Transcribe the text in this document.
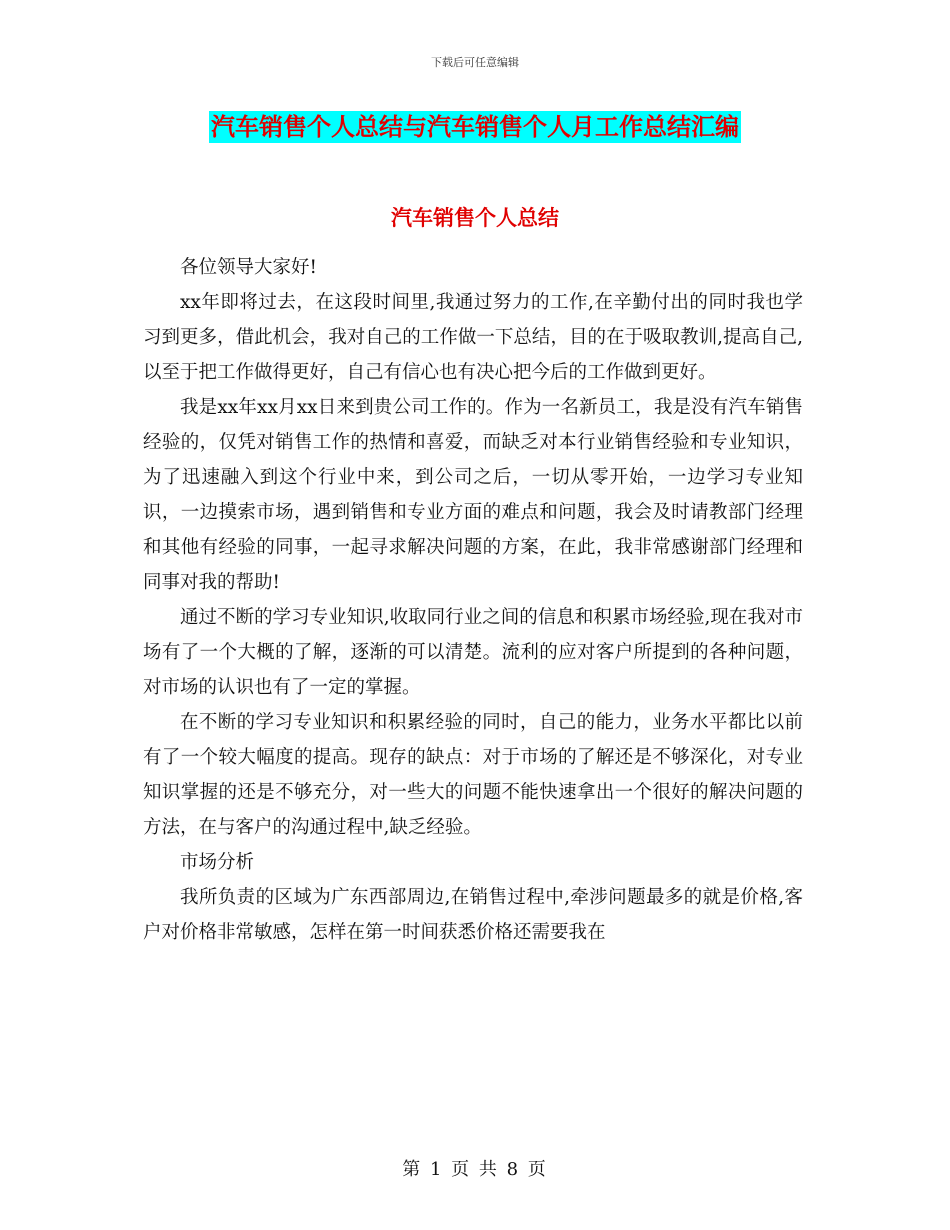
下载后可任意编辑
汽车销售个人总结与汽车销售个人月工作总结汇编
汽车销售个人总结

各位领导大家好!

xx年即将过去，在这段时间里,我通过努力的工作,在辛勤付出的同时我也学习到更多，借此机会，我对自己的工作做一下总结，目的在于吸取教训,提高自己,以至于把工作做得更好，自己有信心也有决心把今后的工作做到更好。

我是xx年xx月xx日来到贵公司工作的。作为一名新员工，我是没有汽车销售经验的，仅凭对销售工作的热情和喜爱，而缺乏对本行业销售经验和专业知识，为了迅速融入到这个行业中来，到公司之后，一切从零开始，一边学习专业知识，一边摸索市场，遇到销售和专业方面的难点和问题，我会及时请教部门经理和其他有经验的同事，一起寻求解决问题的方案，在此，我非常感谢部门经理和同事对我的帮助!

通过不断的学习专业知识,收取同行业之间的信息和积累市场经验,现在我对市场有了一个大概的了解，逐渐的可以清楚。流利的应对客户所提到的各种问题，对市场的认识也有了一定的掌握。

在不断的学习专业知识和积累经验的同时，自己的能力，业务水平都比以前有了一个较大幅度的提高。现存的缺点：对于市场的了解还是不够深化，对专业知识掌握的还是不够充分，对一些大的问题不能快速拿出一个很好的解决问题的方法，在与客户的沟通过程中,缺乏经验。

市场分析

我所负责的区域为广东西部周边,在销售过程中,牵涉问题最多的就是价格,客户对价格非常敏感，怎样在第一时间获悉价格还需要我在

第 1 页 共 8 页
